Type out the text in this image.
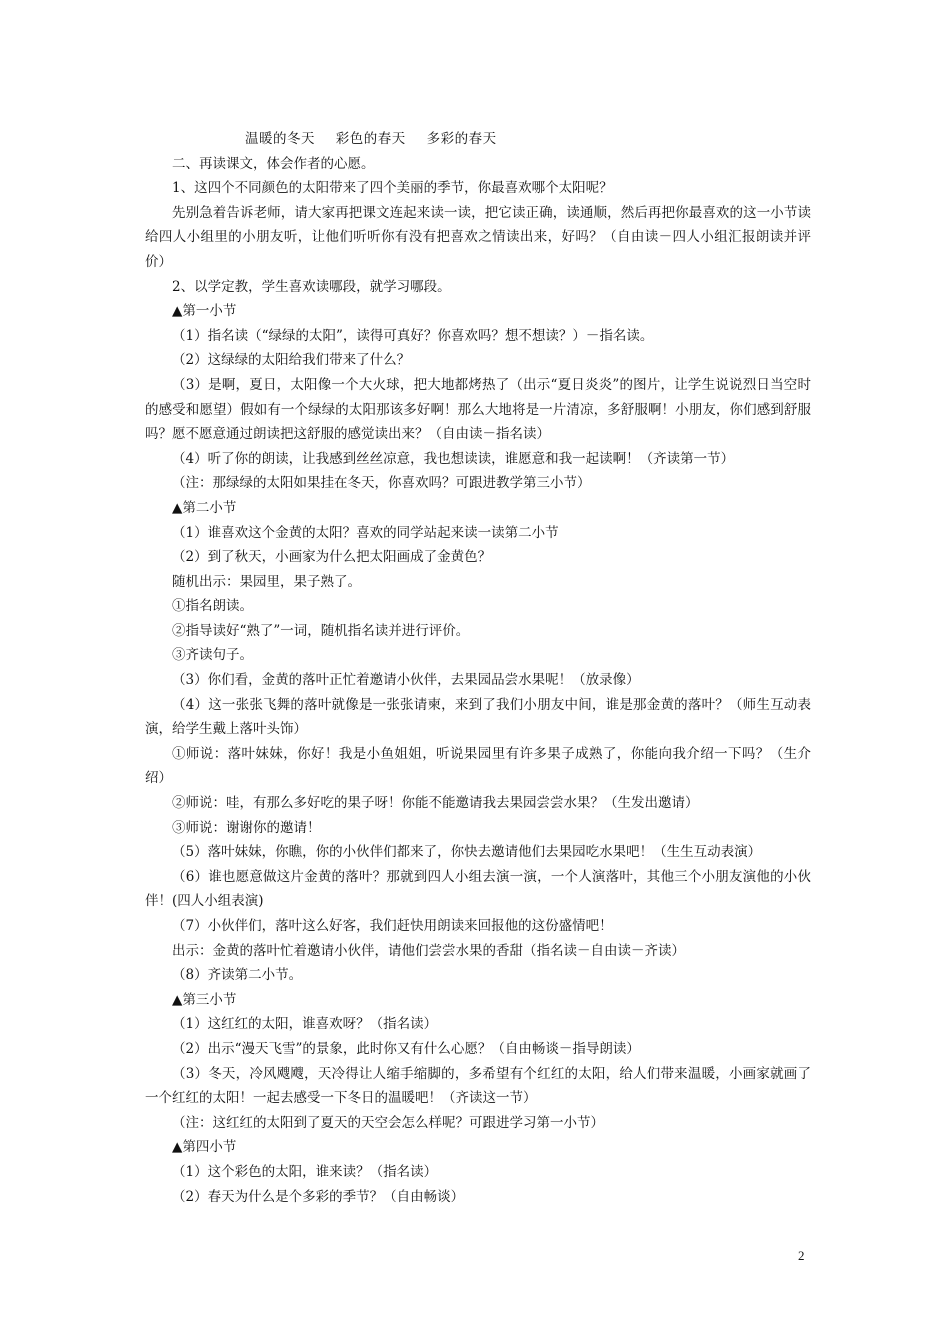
温暖的冬天 彩色的春天 多彩的春天
二、再读课文，体会作者的心愿。
1、这四个不同颜色的太阳带来了四个美丽的季节，你最喜欢哪个太阳呢？
先别急着告诉老师，请大家再把课文连起来读一读，把它读正确，读通顺，然后再把你最喜欢的这一小节读给四人小组里的小朋友听，让他们听听你有没有把喜欢之情读出来，好吗？（自由读－四人小组汇报朗读并评价）
2、以学定教，学生喜欢读哪段，就学习哪段。
▲第一小节
（1）指名读（“绿绿的太阳”，读得可真好？你喜欢吗？想不想读？）－指名读。
（2）这绿绿的太阳给我们带来了什么？
（3）是啊，夏日，太阳像一个大火球，把大地都烤热了（出示“夏日炎炎”的图片，让学生说说烈日当空时的感受和愿望）假如有一个绿绿的太阳那该多好啊！那么大地将是一片清凉，多舒服啊！小朋友，你们感到舒服吗？愿不愿意通过朗读把这舒服的感觉读出来？（自由读－指名读）
（4）听了你的朗读，让我感到丝丝凉意，我也想读读，谁愿意和我一起读啊！（齐读第一节）
（注：那绿绿的太阳如果挂在冬天，你喜欢吗？可跟进教学第三小节）
▲第二小节
（1）谁喜欢这个金黄的太阳？喜欢的同学站起来读一读第二小节
（2）到了秋天，小画家为什么把太阳画成了金黄色？
随机出示：果园里，果子熟了。
①指名朗读。
②指导读好“熟了”一词，随机指名读并进行评价。
③齐读句子。
（3）你们看，金黄的落叶正忙着邀请小伙伴，去果园品尝水果呢！（放录像）
（4）这一张张飞舞的落叶就像是一张张请柬，来到了我们小朋友中间，谁是那金黄的落叶？（师生互动表演，给学生戴上落叶头饰）
①师说：落叶妹妹，你好！我是小鱼姐姐，听说果园里有许多果子成熟了，你能向我介绍一下吗？（生介绍）
②师说：哇，有那么多好吃的果子呀！你能不能邀请我去果园尝尝水果？（生发出邀请）
③师说：谢谢你的邀请！
（5）落叶妹妹，你瞧，你的小伙伴们都来了，你快去邀请他们去果园吃水果吧！（生生互动表演）
（6）谁也愿意做这片金黄的落叶？那就到四人小组去演一演，一个人演落叶，其他三个小朋友演他的小伙伴！(四人小组表演)
（7）小伙伴们，落叶这么好客，我们赶快用朗读来回报他的这份盛情吧！
出示：金黄的落叶忙着邀请小伙伴，请他们尝尝水果的香甜（指名读－自由读－齐读）
（8）齐读第二小节。
▲第三小节
（1）这红红的太阳，谁喜欢呀？（指名读）
（2）出示“漫天飞雪”的景象，此时你又有什么心愿？（自由畅谈－指导朗读）
（3）冬天，冷风飕飕，天冷得让人缩手缩脚的，多希望有个红红的太阳，给人们带来温暖，小画家就画了一个红红的太阳！一起去感受一下冬日的温暖吧！（齐读这一节）
（注：这红红的太阳到了夏天的天空会怎么样呢？可跟进学习第一小节）
▲第四小节
（1）这个彩色的太阳，谁来读？（指名读）
（2）春天为什么是个多彩的季节？（自由畅谈）
2
